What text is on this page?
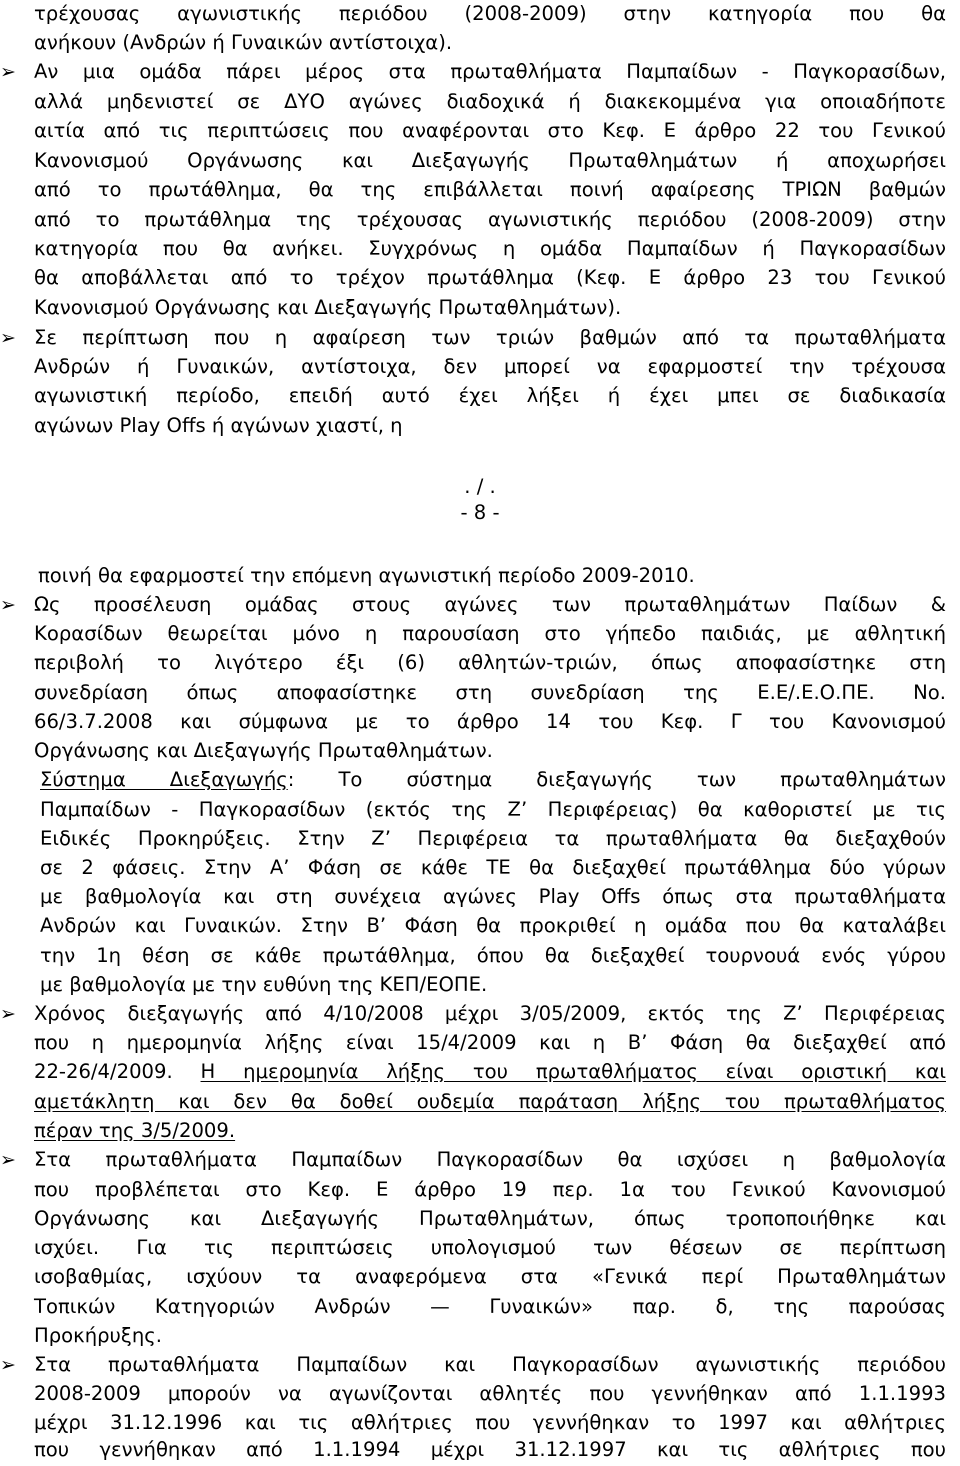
τρέχουσας αγωνιστικής περιόδου (2008-2009) στην κατηγορία που θα
ανήκουν (Ανδρών ή Γυναικών αντίστοιχα).
➢ Αν μια ομάδα πάρει μέρος στα πρωταθλήματα Παμπαίδων - Παγκορασίδων,
αλλά μηδενιστεί σε ΔΥΟ αγώνες διαδοχικά ή διακεκομμένα για οποιαδήποτε
αιτία από τις περιπτώσεις που αναφέρονται στο Κεφ. Ε άρθρο 22 του Γενικού
Κανονισμού Οργάνωσης και Διεξαγωγής Πρωταθλημάτων ή αποχωρήσει
από το πρωτάθλημα, θα της επιβάλλεται ποινή αφαίρεσης ΤΡΙΩΝ βαθμών
από το πρωτάθλημα της τρέχουσας αγωνιστικής περιόδου (2008-2009) στην
κατηγορία που θα ανήκει. Συγχρόνως η ομάδα Παμπαίδων ή Παγκορασίδων
θα αποβάλλεται από το τρέχον πρωτάθλημα (Κεφ. Ε άρθρο 23 του Γενικού
Κανονισμού Οργάνωσης και Διεξαγωγής Πρωταθλημάτων).
➢ Σε περίπτωση που η αφαίρεση των τριών βαθμών από τα πρωταθλήματα
Ανδρών ή Γυναικών, αντίστοιχα, δεν μπορεί να εφαρμοστεί την τρέχουσα
αγωνιστική περίοδο, επειδή αυτό έχει λήξει ή έχει μπει σε διαδικασία
αγώνων Play Offs ή αγώνων χιαστί, η
. / .
- 8 -
ποινή θα εφαρμοστεί την επόμενη αγωνιστική περίοδο 2009-2010.
➢ Ως προσέλευση ομάδας στους αγώνες των πρωταθλημάτων Παίδων &
Κορασίδων θεωρείται μόνο η παρουσίαση στο γήπεδο παιδιάς, με αθλητική
περιβολή το λιγότερο έξι (6) αθλητών-τριών, όπως αποφασίστηκε στη
συνεδρίαση όπως αποφασίστηκε στη συνεδρίαση της Ε.Ε/.Ε.Ο.ΠΕ. Νο.
66/3.7.2008 και σύμφωνα με το άρθρο 14 του Κεφ. Γ του Κανονισμού
Οργάνωσης και Διεξαγωγής Πρωταθλημάτων.
Σύστημα Διεξαγωγής: Το σύστημα διεξαγωγής των πρωταθλημάτων
Παμπαίδων - Παγκορασίδων (εκτός της Ζ’ Περιφέρειας) θα καθοριστεί με τις
Ειδικές Προκηρύξεις. Στην Ζ’ Περιφέρεια τα πρωταθλήματα θα διεξαχθούν
σε 2 φάσεις. Στην Α’ Φάση σε κάθε ΤΕ θα διεξαχθεί πρωτάθλημα δύο γύρων
με βαθμολογία και στη συνέχεια αγώνες Play Offs όπως στα πρωταθλήματα
Ανδρών και Γυναικών. Στην Β’ Φάση θα προκριθεί η ομάδα που θα καταλάβει
την 1η θέση σε κάθε πρωτάθλημα, όπου θα διεξαχθεί τουρνουά ενός γύρου
με βαθμολογία με την ευθύνη της ΚΕΠ/ΕΟΠΕ.
➢ Χρόνος διεξαγωγής από 4/10/2008 μέχρι 3/05/2009, εκτός της Ζ’ Περιφέρειας
που η ημερομηνία λήξης είναι 15/4/2009 και η Β’ Φάση θα διεξαχθεί από
22-26/4/2009. Η ημερομηνία λήξης του πρωταθλήματος είναι οριστική και
αμετάκλητη και δεν θα δοθεί ουδεμία παράταση λήξης του πρωταθλήματος
πέραν της 3/5/2009.
➢ Στα πρωταθλήματα Παμπαίδων Παγκορασίδων θα ισχύσει η βαθμολογία
που προβλέπεται στο Κεφ. Ε άρθρο 19 περ. 1α του Γενικού Κανονισμού
Οργάνωσης και Διεξαγωγής Πρωταθλημάτων, όπως τροποποιήθηκε και
ισχύει. Για τις περιπτώσεις υπολογισμού των θέσεων σε περίπτωση
ισοβαθμίας, ισχύουν τα αναφερόμενα στα «Γενικά περί Πρωταθλημάτων
Τοπικών Κατηγοριών Ανδρών — Γυναικών» παρ. δ, της παρούσας
Προκήρυξης.
➢ Στα πρωταθλήματα Παμπαίδων και Παγκορασίδων αγωνιστικής περιόδου
2008-2009 μπορούν να αγωνίζονται αθλητές που γεννήθηκαν από 1.1.1993
μέχρι 31.12.1996 και τις αθλήτριες που γεννήθηκαν το 1997 και αθλήτριες
που γεννήθηκαν από 1.1.1994 μέχρι 31.12.1997 και τις αθλήτριες που
